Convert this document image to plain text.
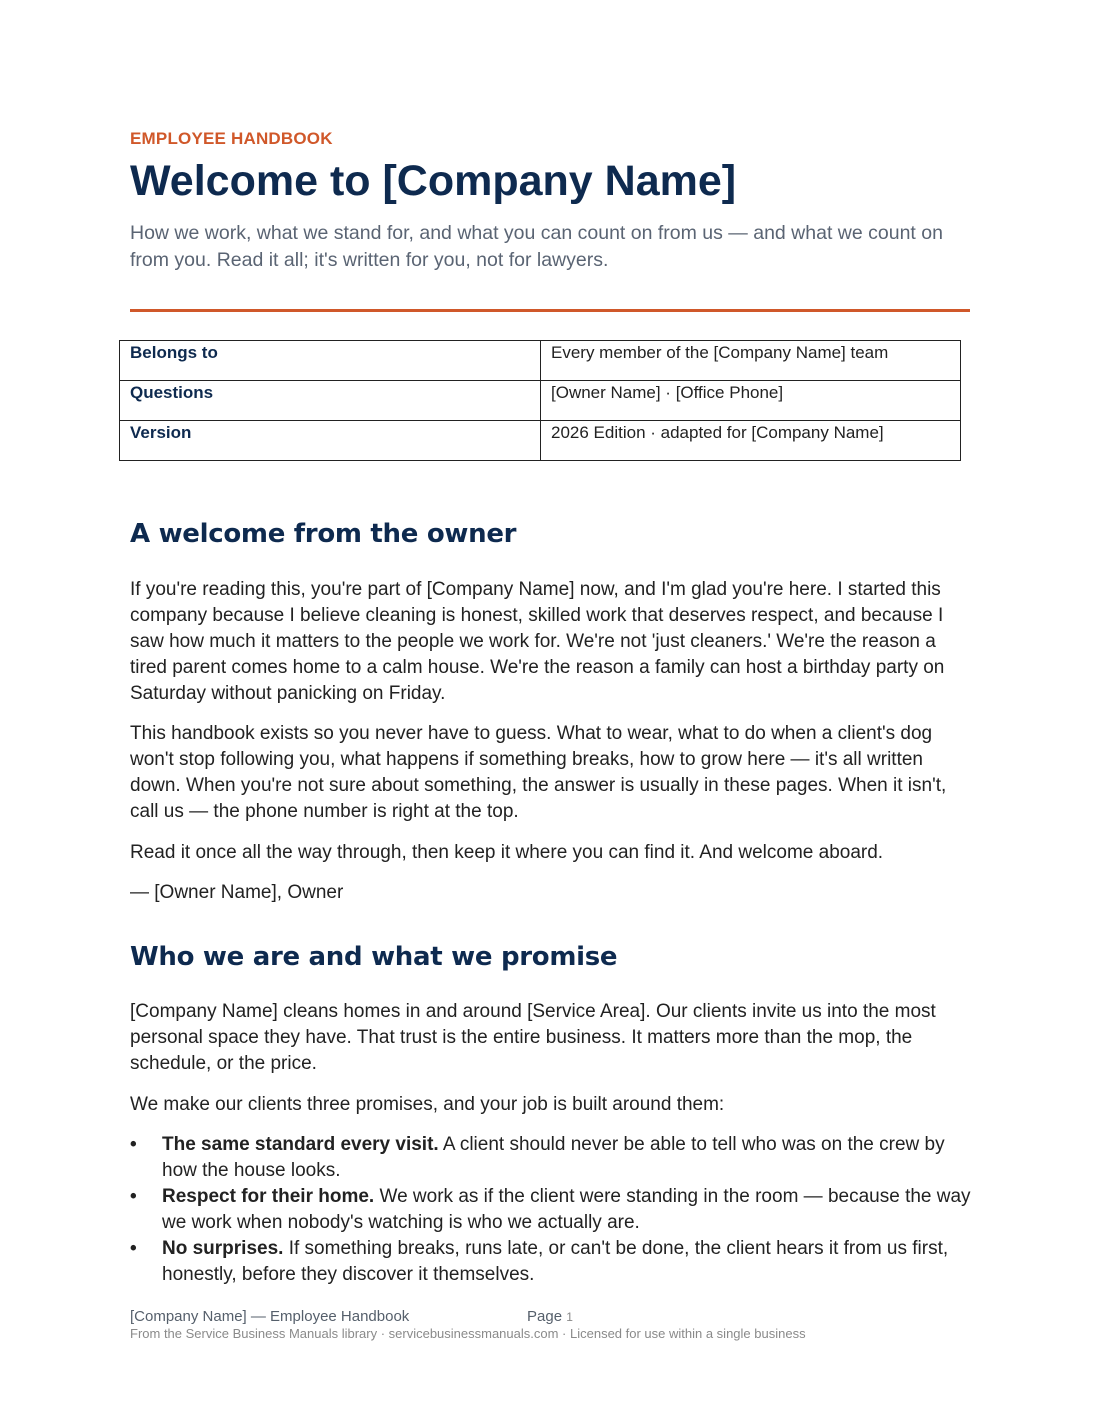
EMPLOYEE HANDBOOK
Welcome to [Company Name]

How we work, what we stand for, and what you can count on from us — and what we count on from you. Read it all; it's written for you, not for lawyers.

Belongs to	Every member of the [Company Name] team
Questions	[Owner Name] · [Office Phone]
Version	2026 Edition · adapted for [Company Name]
A welcome from the owner

If you're reading this, you're part of [Company Name] now, and I'm glad you're here. I started this company because I believe cleaning is honest, skilled work that deserves respect, and because I saw how much it matters to the people we work for. We're not 'just cleaners.' We're the reason a tired parent comes home to a calm house. We're the reason a family can host a birthday party on Saturday without panicking on Friday.

This handbook exists so you never have to guess. What to wear, what to do when a client's dog won't stop following you, what happens if something breaks, how to grow here — it's all written down. When you're not sure about something, the answer is usually in these pages. When it isn't, call us — the phone number is right at the top.

Read it once all the way through, then keep it where you can find it. And welcome aboard.

— [Owner Name], Owner

Who we are and what we promise

[Company Name] cleans homes in and around [Service Area]. Our clients invite us into the most personal space they have. That trust is the entire business. It matters more than the mop, the schedule, or the price.

We make our clients three promises, and your job is built around them:

• The same standard every visit. A client should never be able to tell who was on the crew by how the house looks.
• Respect for their home. We work as if the client were standing in the room — because the way we work when nobody's watching is who we actually are.
• No surprises. If something breaks, runs late, or can't be done, the client hears it from us first, honestly, before they discover it themselves.
[Company Name] — Employee Handbook	Page 1
From the Service Business Manuals library · servicebusinessmanuals.com · Licensed for use within a single business
